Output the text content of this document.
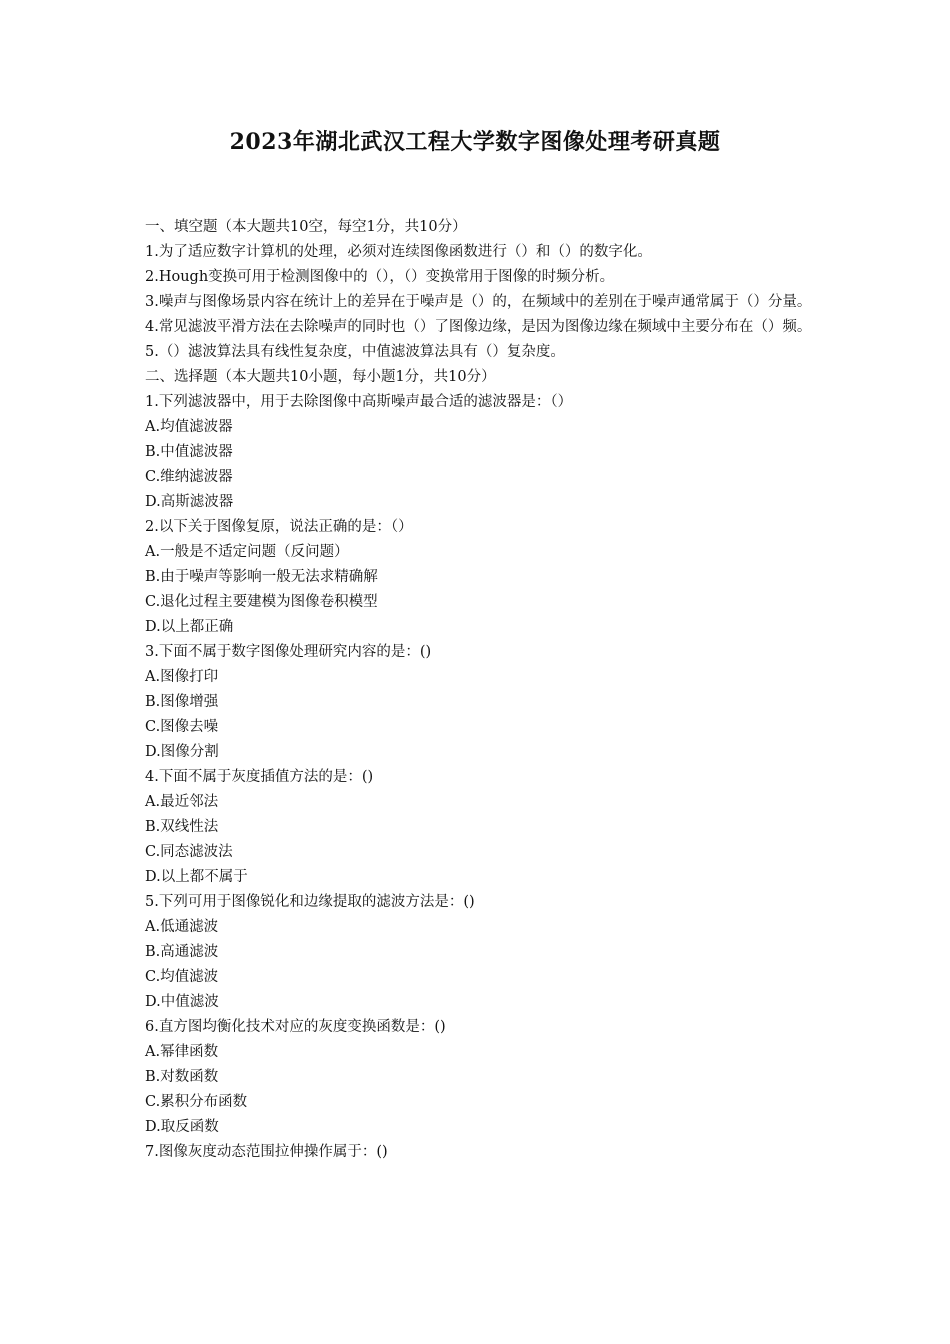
2023年湖北武汉工程大学数字图像处理考研真题

一、填空题（本大题共10空，每空1分，共10分）

1.为了适应数字计算机的处理，必须对连续图像函数进行（）和（）的数字化。

2.Hough变换可用于检测图像中的（），（）变换常用于图像的时频分析。

3.噪声与图像场景内容在统计上的差异在于噪声是（）的，在频域中的差别在于噪声通常属于（）分量。

4.常见滤波平滑方法在去除噪声的同时也（）了图像边缘，是因为图像边缘在频域中主要分布在（）频。

5.（）滤波算法具有线性复杂度，中值滤波算法具有（）复杂度。

二、选择题（本大题共10小题，每小题1分，共10分）

1.下列滤波器中，用于去除图像中高斯噪声最合适的滤波器是：（）

A.均值滤波器

B.中值滤波器

C.维纳滤波器

D.高斯滤波器

2.以下关于图像复原，说法正确的是：（）

A.一般是不适定问题（反问题）

B.由于噪声等影响一般无法求精确解

C.退化过程主要建模为图像卷积模型

D.以上都正确

3.下面不属于数字图像处理研究内容的是：()

A.图像打印

B.图像增强

C.图像去噪

D.图像分割

4.下面不属于灰度插值方法的是：()

A.最近邻法

B.双线性法

C.同态滤波法

D.以上都不属于

5.下列可用于图像锐化和边缘提取的滤波方法是：()

A.低通滤波

B.高通滤波

C.均值滤波

D.中值滤波

6.直方图均衡化技术对应的灰度变换函数是：()

A.幂律函数

B.对数函数

C.累积分布函数

D.取反函数

7.图像灰度动态范围拉伸操作属于：()
